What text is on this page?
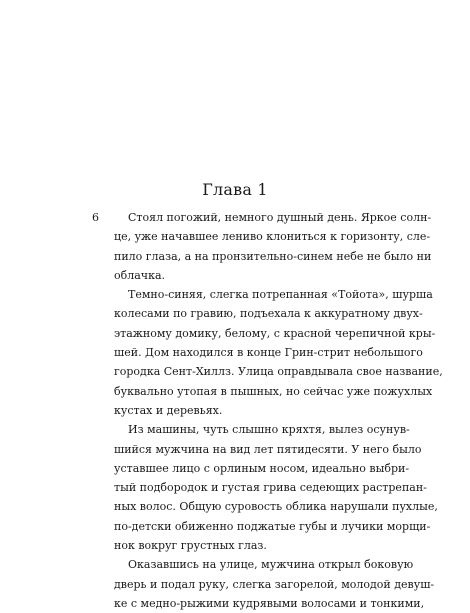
Глава 1
6	Стоял погожий, немного душный день. Яркое солн-
це, уже начавшее лениво клониться к горизонту, сле-
пило глаза, а на пронзительно-синем небе не было ни
облачка.
Темно-синяя, слегка потрепанная «Тойота», шурша
колесами по гравию, подъехала к аккуратному двух-
этажному домику, белому, с красной черепичной кры-
шей. Дом находился в конце Грин-стрит небольшого
городка Сент-Хиллз. Улица оправдывала свое название,
буквально утопая в пышных, но сейчас уже пожухлых
кустах и деревьях.
Из машины, чуть слышно кряхтя, вылез осунув-
шийся мужчина на вид лет пятидесяти. У него было
уставшее лицо с орлиным носом, идеально выбри-
тый подбородок и густая грива седеющих растрепан-
ных волос. Общую суровость облика нарушали пухлые,
по-детски обиженно поджатые губы и лучики морщи-
нок вокруг грустных глаз.
Оказавшись на улице, мужчина открыл боковую
дверь и подал руку, слегка загорелой, молодой девуш-
ке с медно-рыжими кудрявыми волосами и тонкими,
